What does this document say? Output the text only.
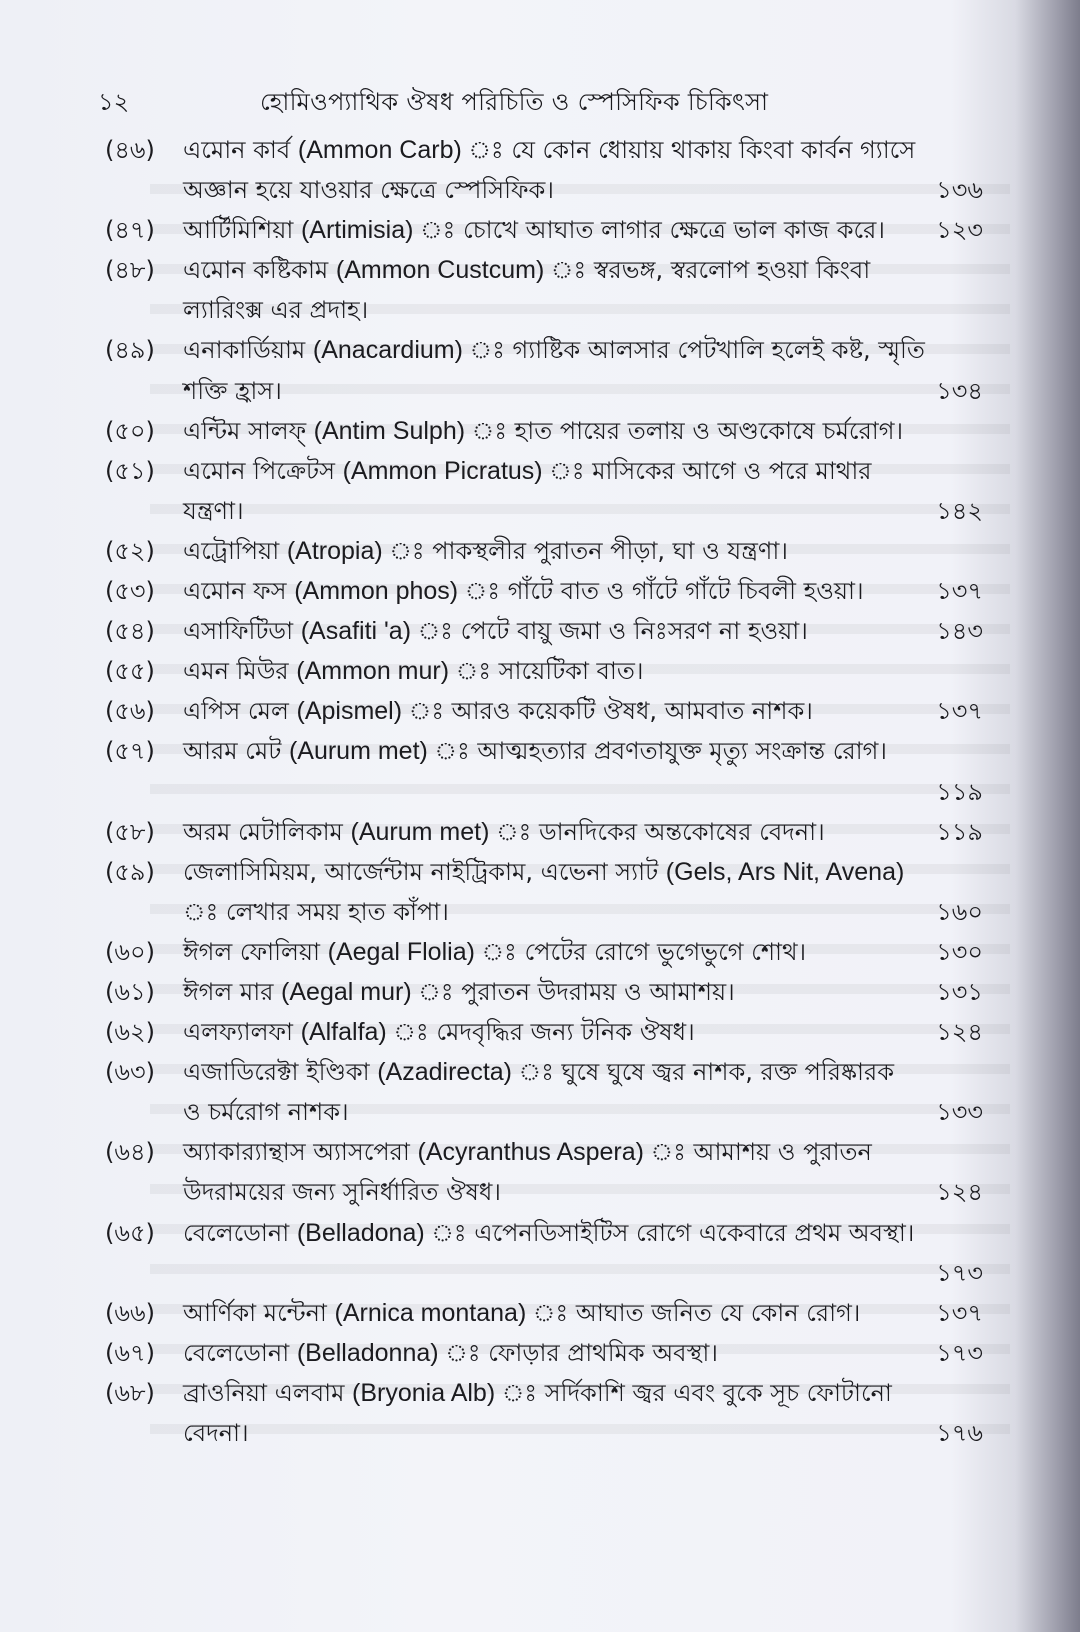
১২	হোমিওপ্যাথিক ঔষধ পরিচিতি ও স্পেসিফিক চিকিৎসা
(৪৬)	এমোন কার্ব (Ammon Carb) ঃ যে কোন ধোয়ায় থাকায় কিংবা কার্বন গ্যাসে
অজ্ঞান হয়ে যাওয়ার ক্ষেত্রে স্পেসিফিক।	১৩৬
(৪৭)	আর্টিমিশিয়া (Artimisia) ঃ চোখে আঘাত লাগার ক্ষেত্রে ভাল কাজ করে। ১২৩
(৪৮)	এমোন কষ্টিকাম (Ammon Custcum) ঃ স্বরভঙ্গ, স্বরলোপ হওয়া কিংবা
ল্যারিংক্স এর প্রদাহ।
(৪৯)	এনাকার্ডিয়াম (Anacardium) ঃ গ্যাষ্টিক আলসার পেটখালি হলেই কষ্ট, স্মৃতি
শক্তি হ্রাস।	১৩৪
(৫০)	এন্টিম সালফ্ (Antim Sulph) ঃ হাত পায়ের তলায় ও অণ্ডকোষে চর্মরোগ।
(৫১)	এমোন পিক্রেটস (Ammon Picratus) ঃ মাসিকের আগে ও পরে মাথার
যন্ত্রণা।	১৪২
(৫২)	এট্রোপিয়া (Atropia) ঃ পাকস্থলীর পুরাতন পীড়া, ঘা ও যন্ত্রণা।
(৫৩)	এমোন ফস (Ammon phos) ঃ গাঁটে বাত ও গাঁটে গাঁটে চিবলী হওয়া।	১৩৭
(৫৪)	এসাফিটিডা (Asafiti 'a) ঃ পেটে বায়ু জমা ও নিঃসরণ না হওয়া।	১৪৩
(৫৫)	এমন মিউর (Ammon mur) ঃ সায়েটিকা বাত।
(৫৬)	এপিস মেল (Apismel) ঃ আরও কয়েকটি ঔষধ, আমবাত নাশক।	১৩৭
(৫৭)	আরম মেট (Aurum met) ঃ আত্মহত্যার প্রবণতাযুক্ত মৃত্যু সংক্রান্ত রোগ।
১১৯
(৫৮)	অরম মেটালিকাম (Aurum met) ঃ ডানদিকের অন্তকোষের বেদনা।	১১৯
(৫৯)	জেলাসিমিয়ম, আর্জেন্টাম নাইট্রিকাম, এভেনা স্যাট (Gels, Ars Nit, Avena)
ঃ লেখার সময় হাত কাঁপা।	১৬০
(৬০)	ঈগল ফোলিয়া (Aegal Flolia) ঃ পেটের রোগে ভুগেভুগে শোথ।	১৩০
(৬১)	ঈগল মার (Aegal mur) ঃ পুরাতন উদরাময় ও আমাশয়।	১৩১
(৬২)	এলফ্যালফা (Alfalfa) ঃ মেদবৃদ্ধির জন্য টনিক ঔষধ।	১২৪
(৬৩)	এজাডিরেক্টা ইণ্ডিকা (Azadirecta) ঃ ঘুষে ঘুষে জ্বর নাশক, রক্ত পরিষ্কারক
ও চর্মরোগ নাশক।	১৩৩
(৬৪)	অ্যাকার‍্যান্থাস অ্যাসপেরা (Acyranthus Aspera) ঃ আমাশয় ও পুরাতন
উদরাময়ের জন্য সুনির্ধারিত ঔষধ।	১২৪
(৬৫)	বেলেডোনা (Belladona) ঃ এপেনডিসাইটিস রোগে একেবারে প্রথম অবস্থা।
১৭৩
(৬৬)	আর্ণিকা মন্টেনা (Arnica montana) ঃ আঘাত জনিত যে কোন রোগ।	১৩৭
(৬৭)	বেলেডোনা (Belladonna) ঃ ফোড়ার প্রাথমিক অবস্থা।	১৭৩
(৬৮)	ব্রাওনিয়া এলবাম (Bryonia Alb) ঃ সর্দিকাশি জ্বর এবং বুকে সূচ ফোটানো
বেদনা।	১৭৬
